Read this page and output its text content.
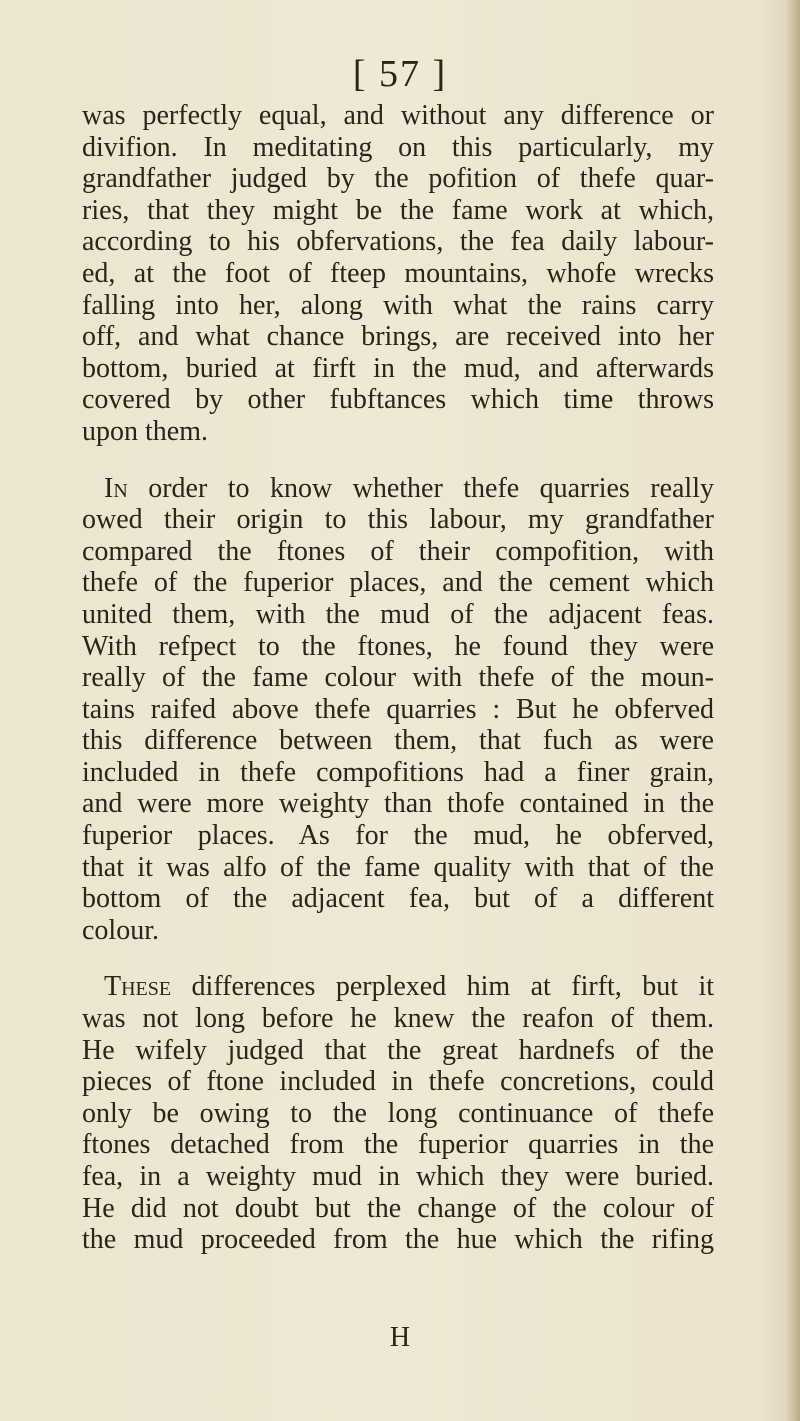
[ 57 ]

was perfectly equal, and without any difference or
divifion. In meditating on this particularly, my
grandfather judged by the pofition of thefe quar-
ries, that they might be the fame work at which,
according to his obfervations, the fea daily labour-
ed, at the foot of fteep mountains, whofe wrecks
falling into her, along with what the rains carry
off, and what chance brings, are received into her
bottom, buried at firft in the mud, and afterwards
covered by other fubftances which time throws
upon them.

In order to know whether thefe quarries really
owed their origin to this labour, my grandfather
compared the ftones of their compofition, with
thefe of the fuperior places, and the cement which
united them, with the mud of the adjacent feas.
With refpect to the ftones, he found they were
really of the fame colour with thefe of the moun-
tains raifed above thefe quarries : But he obferved
this difference between them, that fuch as were
included in thefe compofitions had a finer grain,
and were more weighty than thofe contained in the
fuperior places. As for the mud, he obferved,
that it was alfo of the fame quality with that of the
bottom of the adjacent fea, but of a different
colour.

These differences perplexed him at firft, but it
was not long before he knew the reafon of them.
He wifely judged that the great hardnefs of the
pieces of ftone included in thefe concretions, could
only be owing to the long continuance of thefe
ftones detached from the fuperior quarries in the
fea, in a weighty mud in which they were buried.
He did not doubt but the change of the colour of
the mud proceeded from the hue which the rifing

H
